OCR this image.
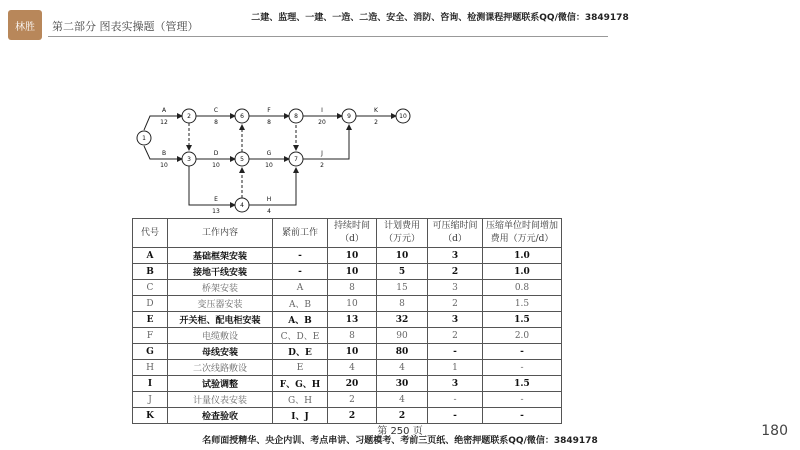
林胜	第二部分 图表实操题（管理）
二建、监理、一建、一造、二造、安全、消防、咨询、检测课程押题联系QQ/微信：3849178
1
2
3
4
5
6
7
8	9	10
A
12
B
10
C
8
D
10
E
13
F
8
G
10
H
4
I
20
J
2
K
2
代号	工作内容	紧前工作	持续时间（d）	计划费用（万元）	可压缩时间（d）	压缩单位时间增加费用（万元/d）
A	基础框架安装	-	10	10	3	1.0
B	接地干线安装	-	10	5	2	1.0
C	桥架安装	A	8	15	3	0.8
D	变压器安装	A、B	10	8	2	1.5
E	开关柜、配电柜安装	A、B	13	32	3	1.5
F	电缆敷设	C、D、E	8	90	2	2.0
G	母线安装	D、E	10	80	-	-
H	二次线路敷设	E	4	4	1	-
I	试验调整	F、G、H	20	30	3	1.5
J	计量仪表安装	G、H	2	4	-	-
K	检查验收	I、J	2	2	-	-
第 250 页
名师面授精华、央企内训、考点串讲、习题模考、考前三页纸、绝密押题联系QQ/微信：3849178
180
